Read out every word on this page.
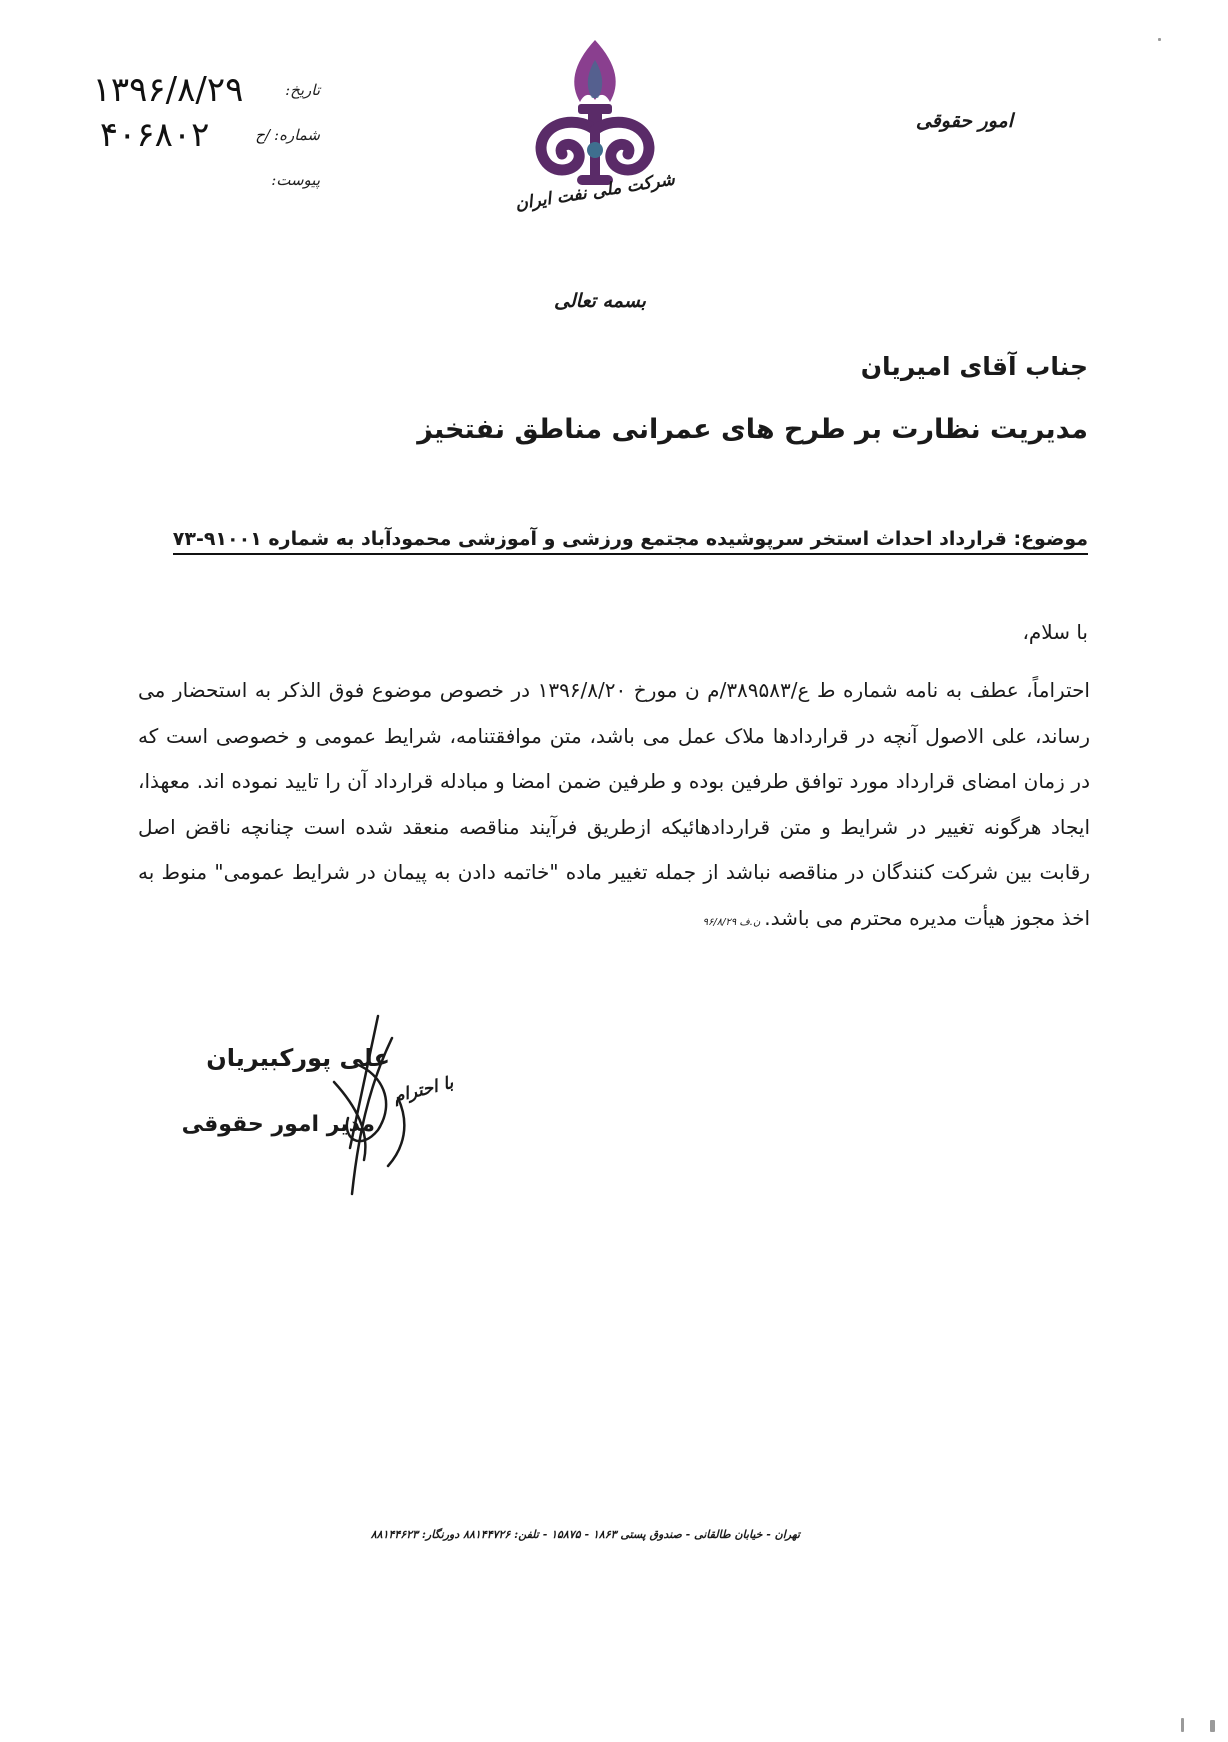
تاریخ:
۱۳۹۶/۸/۲۹
شماره:
ح/
۴۰۶۸۰۲
پیوست:	شرکت ملی نفت ایران
امور حقوقی
بسمه تعالی
جناب آقای امیریان
مدیریت نظارت بر طرح های عمرانی مناطق نفتخیز
موضوع: قرارداد احداث استخر سرپوشیده مجتمع ورزشی و آموزشی محمودآباد به شماره ۹۱۰۰۱-۷۳
با سلام،
احتراماً، عطف به نامه شماره ط ع/۳۸۹۵۸۳/م ن مورخ ۱۳۹۶/۸/۲۰ در خصوص موضوع فوق الذکر به استحضار می رساند، علی الاصول آنچه در قراردادها ملاک عمل می باشد، متن موافقتنامه، شرایط عمومی و خصوصی است که در زمان امضای قرارداد مورد توافق طرفین بوده و طرفین ضمن امضا و مبادله قرارداد آن را تایید نموده اند. معهذا، ایجاد هرگونه تغییر در شرایط و متن قراردادهائیکه ازطریق فرآیند مناقصه منعقد شده است چنانچه ناقض اصل رقابت بین شرکت کنندگان در مناقصه نباشد از جمله تغییر ماده "خاتمه دادن به پیمان در شرایط عمومی" منوط به اخذ مجوز هیأت مدیره محترم می باشد.ن.ف ۹۶/۸/۲۹
علی پورکبیریان
مدیر امور حقوقی
با احترام
تهران - خیابان طالقانی - صندوق پستی ۱۸۶۳ - ۱۵۸۷۵ - تلفن: ۸۸۱۴۴۷۲۶ دورنگار: ۸۸۱۴۴۶۲۳
